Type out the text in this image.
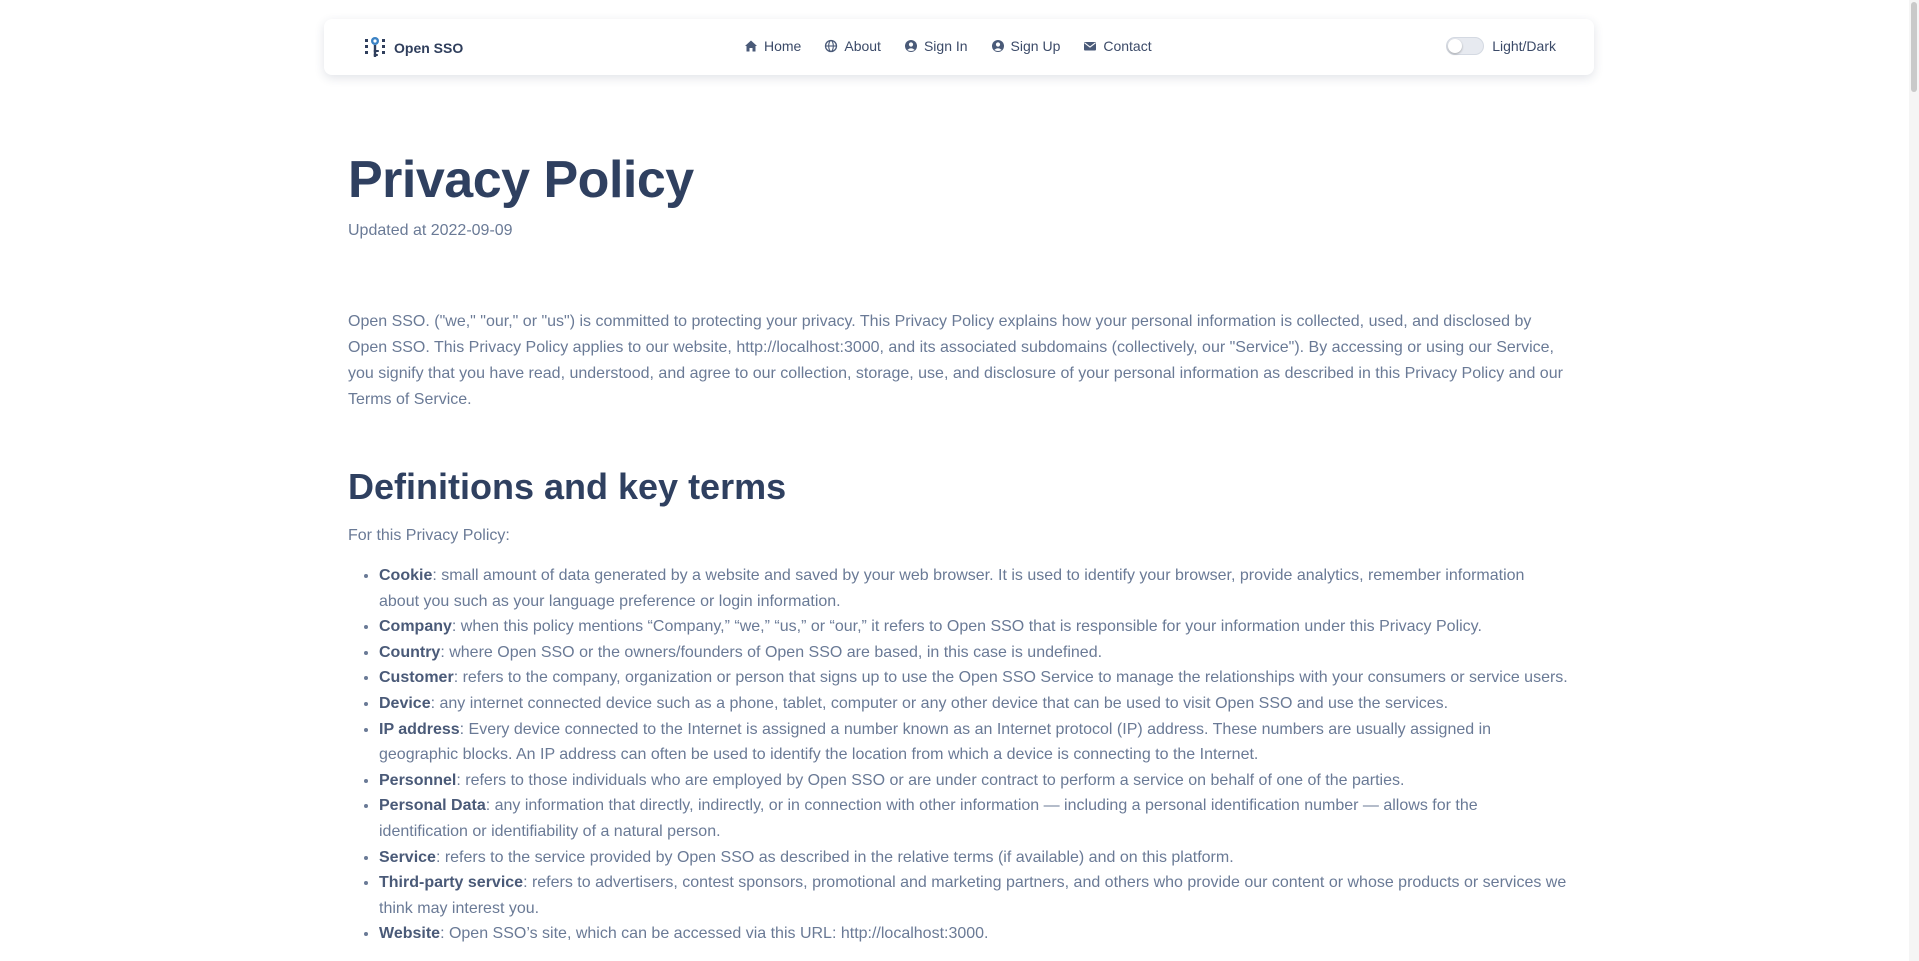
Open SSO	Home	About	Sign In	Sign Up	Contact	Light/Dark
Privacy Policy
Updated at 2022-09-09

Open SSO. ("we," "our," or "us") is committed to protecting your privacy. This Privacy Policy explains how your personal information is collected, used, and disclosed by Open SSO. This Privacy Policy applies to our website, http://localhost:3000, and its associated subdomains (collectively, our "Service"). By accessing or using our Service, you signify that you have read, understood, and agree to our collection, storage, use, and disclosure of your personal information as described in this Privacy Policy and our Terms of Service.

Definitions and key terms

For this Privacy Policy:

• Cookie: small amount of data generated by a website and saved by your web browser. It is used to identify your browser, provide analytics, remember information about you such as your language preference or login information.
• Company: when this policy mentions “Company,” “we,” “us,” or “our,” it refers to Open SSO that is responsible for your information under this Privacy Policy.
• Country: where Open SSO or the owners/founders of Open SSO are based, in this case is undefined.
• Customer: refers to the company, organization or person that signs up to use the Open SSO Service to manage the relationships with your consumers or service users.
• Device: any internet connected device such as a phone, tablet, computer or any other device that can be used to visit Open SSO and use the services.
• IP address: Every device connected to the Internet is assigned a number known as an Internet protocol (IP) address. These numbers are usually assigned in geographic blocks. An IP address can often be used to identify the location from which a device is connecting to the Internet.
• Personnel: refers to those individuals who are employed by Open SSO or are under contract to perform a service on behalf of one of the parties.
• Personal Data: any information that directly, indirectly, or in connection with other information — including a personal identification number — allows for the identification or identifiability of a natural person.
• Service: refers to the service provided by Open SSO as described in the relative terms (if available) and on this platform.
• Third-party service: refers to advertisers, contest sponsors, promotional and marketing partners, and others who provide our content or whose products or services we think may interest you.
• Website: Open SSO’s site, which can be accessed via this URL: http://localhost:3000.
